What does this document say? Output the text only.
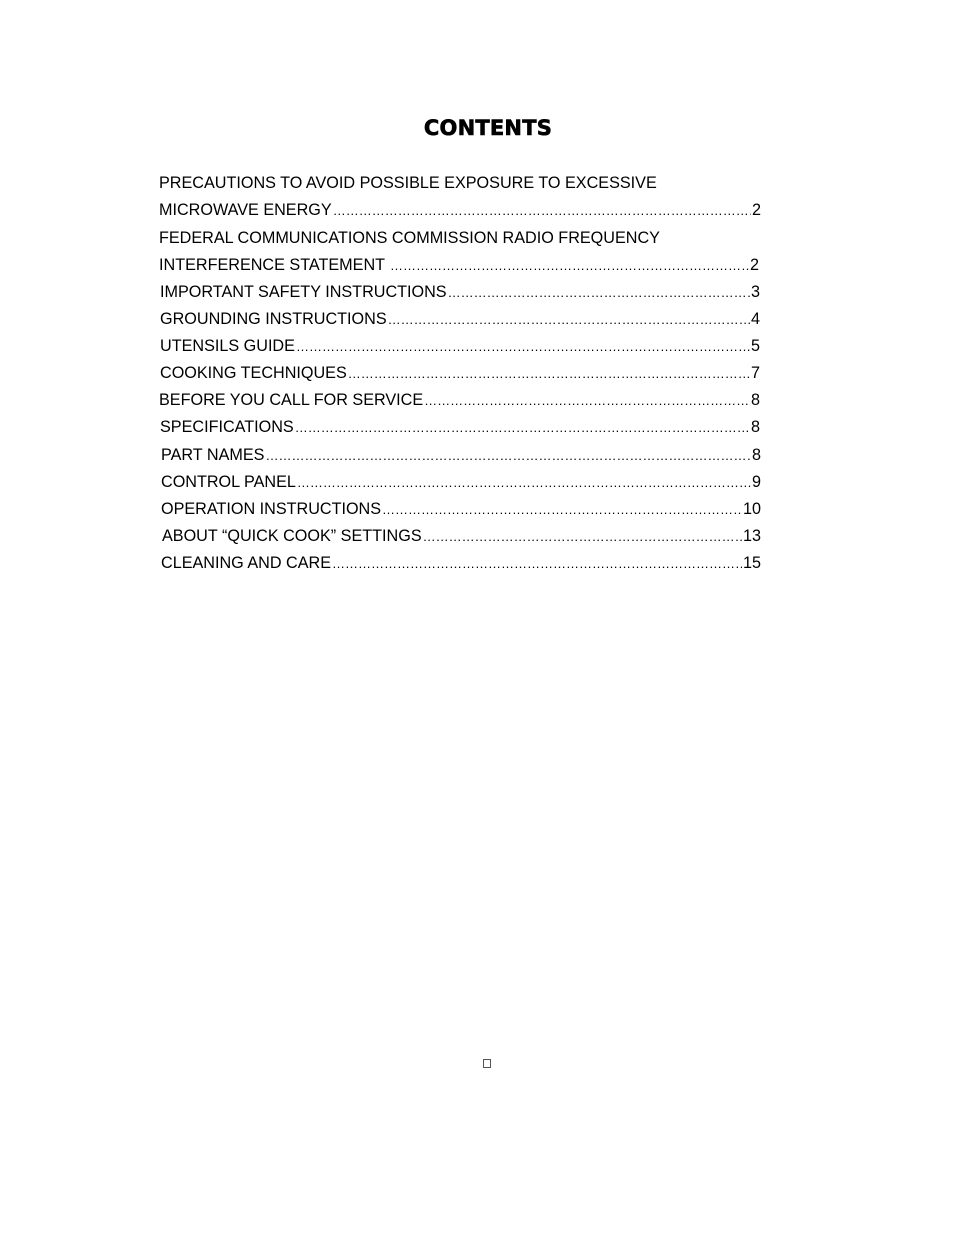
CONTENTS
PRECAUTIONS TO AVOID POSSIBLE EXPOSURE TO EXCESSIVE
MICROWAVE ENERGY ……………………………………………………………………………………………………………………………………………………………………………	2
FEDERAL COMMUNICATIONS COMMISSION RADIO FREQUENCY
INTERFERENCE STATEMENT ……………………………………………………………………………………………………………………………………………………………………………	2
IMPORTANT SAFETY INSTRUCTIONS ……………………………………………………………………………………………………………………………………………………………………………	3
GROUNDING INSTRUCTIONS ……………………………………………………………………………………………………………………………………………………………………………	4
UTENSILS GUIDE ……………………………………………………………………………………………………………………………………………………………………………	5
COOKING TECHNIQUES ……………………………………………………………………………………………………………………………………………………………………………	7
BEFORE YOU CALL FOR SERVICE ……………………………………………………………………………………………………………………………………………………………………………	8
SPECIFICATIONS ……………………………………………………………………………………………………………………………………………………………………………	8
PART NAMES ……………………………………………………………………………………………………………………………………………………………………………	8
CONTROL PANEL ……………………………………………………………………………………………………………………………………………………………………………	9
OPERATION INSTRUCTIONS ……………………………………………………………………………………………………………………………………………………………………………	10
ABOUT “QUICK COOK” SETTINGS ……………………………………………………………………………………………………………………………………………………………………………	13
CLEANING AND CARE ……………………………………………………………………………………………………………………………………………………………………………	15
